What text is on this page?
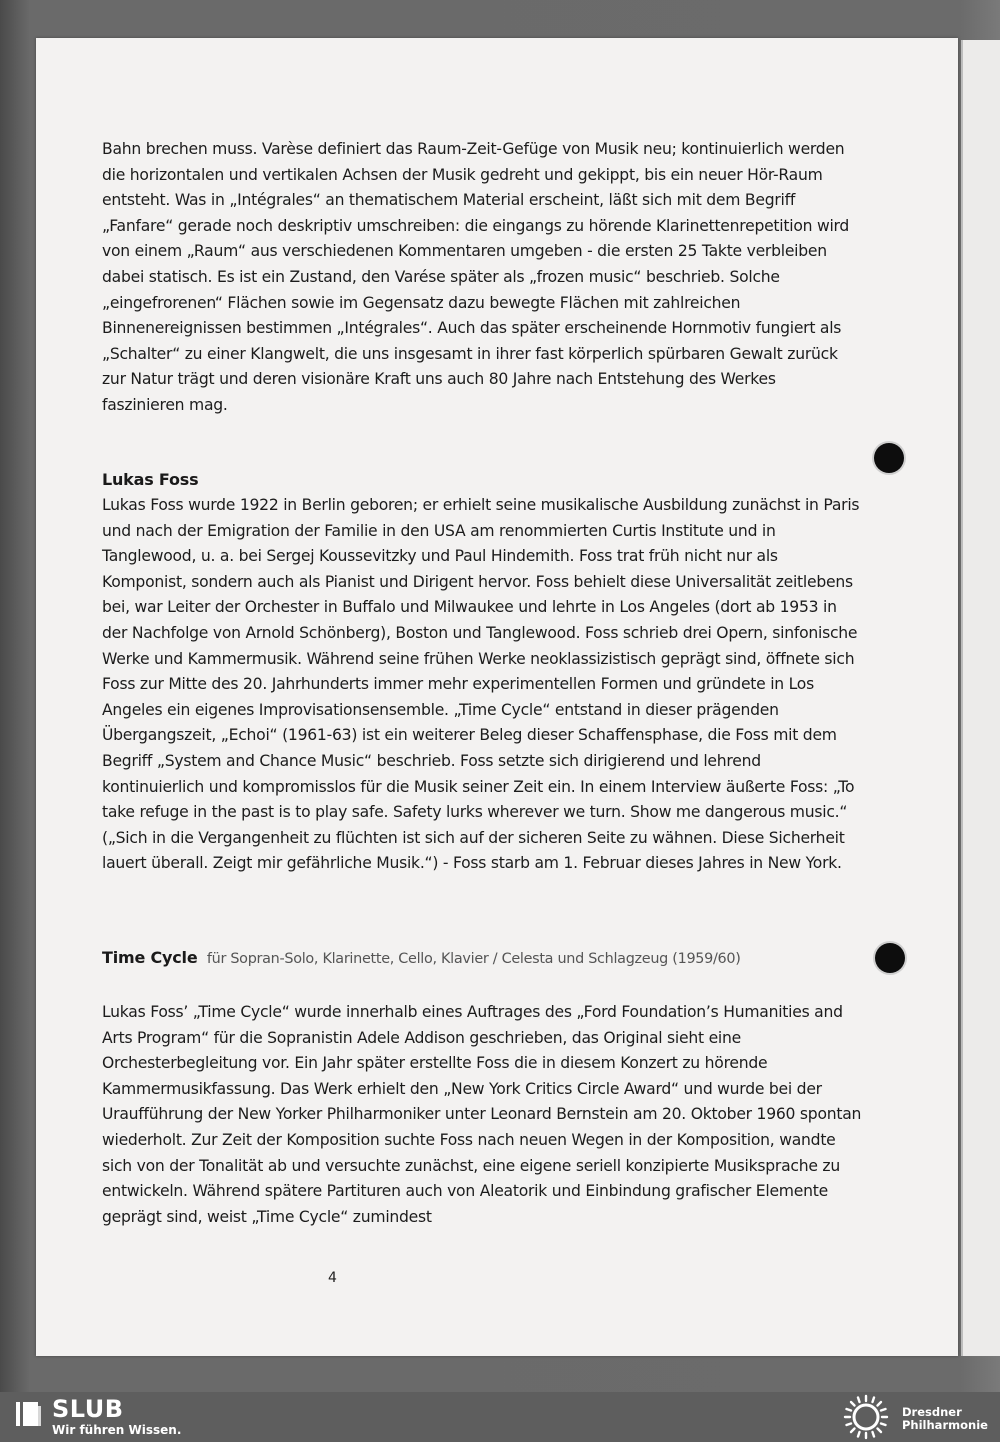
Bahn brechen muss. Varèse definiert das Raum-Zeit-Gefüge von Musik neu; kontinuierlich werden die horizontalen und vertikalen Achsen der Musik gedreht und gekippt, bis ein neuer Hör-Raum entsteht. Was in „Intégrales“ an thematischem Material erscheint, läßt sich mit dem Begriff „Fanfare“ gerade noch deskriptiv umschreiben: die eingangs zu hörende Klarinettenrepetition wird von einem „Raum“ aus verschiedenen Kommentaren umgeben - die ersten 25 Takte verbleiben dabei statisch. Es ist ein Zustand, den Varése später als „frozen music“ beschrieb. Solche „eingefrorenen“ Flächen sowie im Gegensatz dazu bewegte Flächen mit zahlreichen Binnenereignissen bestimmen „Intégrales“. Auch das später erscheinende Hornmotiv fungiert als „Schalter“ zu einer Klangwelt, die uns insgesamt in ihrer fast körperlich spürbaren Gewalt zurück zur Natur trägt und deren visionäre Kraft uns auch 80 Jahre nach Entstehung des Werkes faszinieren mag.

Lukas Foss

Lukas Foss wurde 1922 in Berlin geboren; er erhielt seine musikalische Ausbildung zunächst in Paris und nach der Emigration der Familie in den USA am renommierten Curtis Institute und in Tanglewood, u. a. bei Sergej Koussevitzky und Paul Hindemith. Foss trat früh nicht nur als Komponist, sondern auch als Pianist und Dirigent hervor. Foss behielt diese Universalität zeitlebens bei, war Leiter der Orchester in Buffalo und Milwaukee und lehrte in Los Angeles (dort ab 1953 in der Nachfolge von Arnold Schönberg), Boston und Tanglewood. Foss schrieb drei Opern, sinfonische Werke und Kammermusik. Während seine frühen Werke neoklassizistisch geprägt sind, öffnete sich Foss zur Mitte des 20. Jahrhunderts immer mehr experimentellen Formen und gründete in Los Angeles ein eigenes Improvisationsensemble. „Time Cycle“ entstand in dieser prägenden Übergangszeit, „Echoi“ (1961-63) ist ein weiterer Beleg dieser Schaffensphase, die Foss mit dem Begriff „System and Chance Music“ beschrieb. Foss setzte sich dirigierend und lehrend kontinuierlich und kompromisslos für die Musik seiner Zeit ein. In einem Interview äußerte Foss: „To take refuge in the past is to play safe. Safety lurks wherever we turn. Show me dangerous music.“ („Sich in die Vergangenheit zu flüchten ist sich auf der sicheren Seite zu wähnen. Diese Sicherheit lauert überall. Zeigt mir gefährliche Musik.“) - Foss starb am 1. Februar dieses Jahres in New York.

Time Cycle für Sopran-Solo, Klarinette, Cello, Klavier / Celesta und Schlagzeug (1959/60)

Lukas Foss’ „Time Cycle“ wurde innerhalb eines Auftrages des „Ford Foundation’s Humanities and Arts Program“ für die Sopranistin Adele Addison geschrieben, das Original sieht eine Orchesterbegleitung vor. Ein Jahr später erstellte Foss die in diesem Konzert zu hörende Kammermusikfassung. Das Werk erhielt den „New York Critics Circle Award“ und wurde bei der Uraufführung der New Yorker Philharmoniker unter Leonard Bernstein am 20. Oktober 1960 spontan wiederholt. Zur Zeit der Komposition suchte Foss nach neuen Wegen in der Komposition, wandte sich von der Tonalität ab und versuchte zunächst, eine eigene seriell konzipierte Musiksprache zu entwickeln. Während spätere Partituren auch von Aleatorik und Einbindung grafischer Elemente geprägt sind, weist „Time Cycle“ zumindest

4
SLUB
Wir führen Wissen.
Dresdner
Philharmonie
